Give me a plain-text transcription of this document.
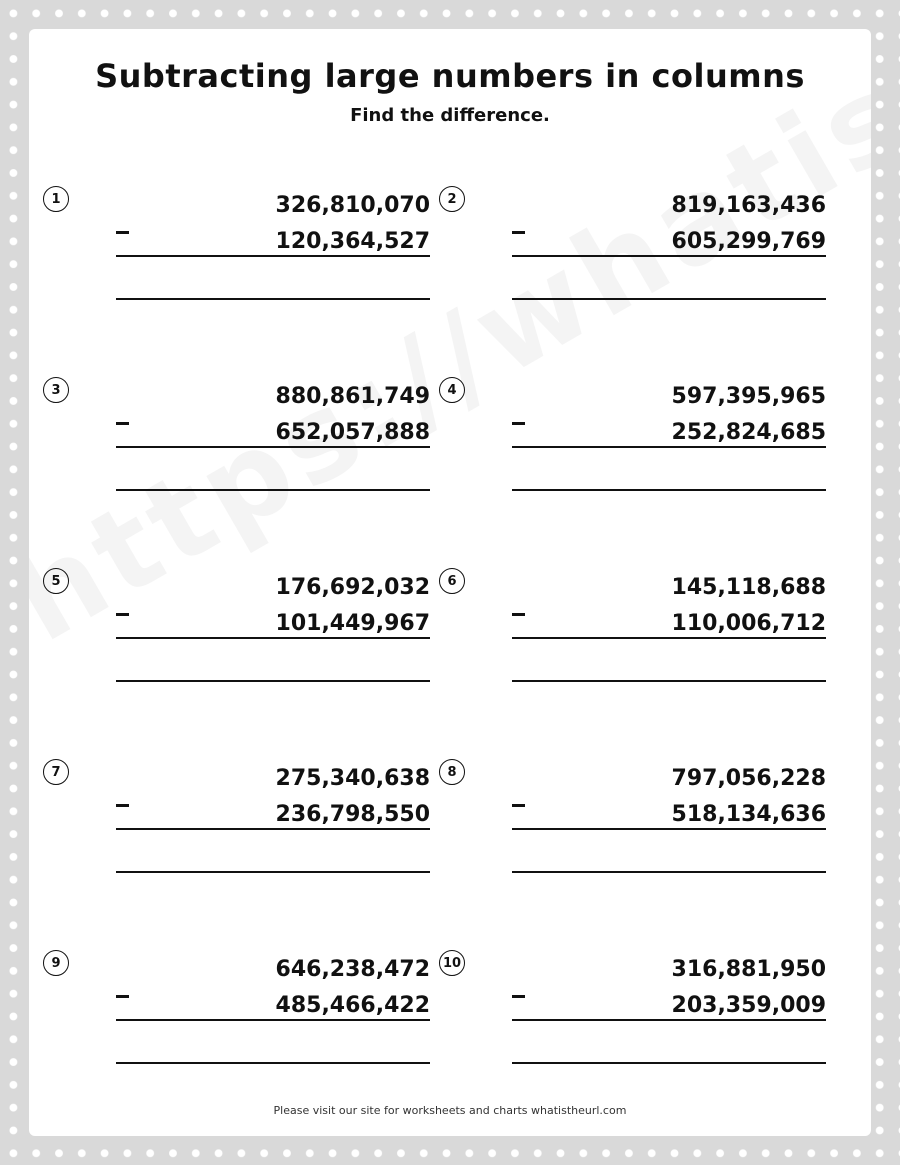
Subtracting large numbers in columns
Find the difference.
Please visit our site for worksheets and charts whatistheurl.com
1	326,810,070
120,364,527
2	819,163,436
605,299,769
3	880,861,749
652,057,888
4	597,395,965
252,824,685
5	176,692,032
101,449,967
6	145,118,688
110,006,712
7	275,340,638
236,798,550
8	797,056,228
518,134,636
9	646,238,472
485,466,422
10	316,881,950
203,359,009
